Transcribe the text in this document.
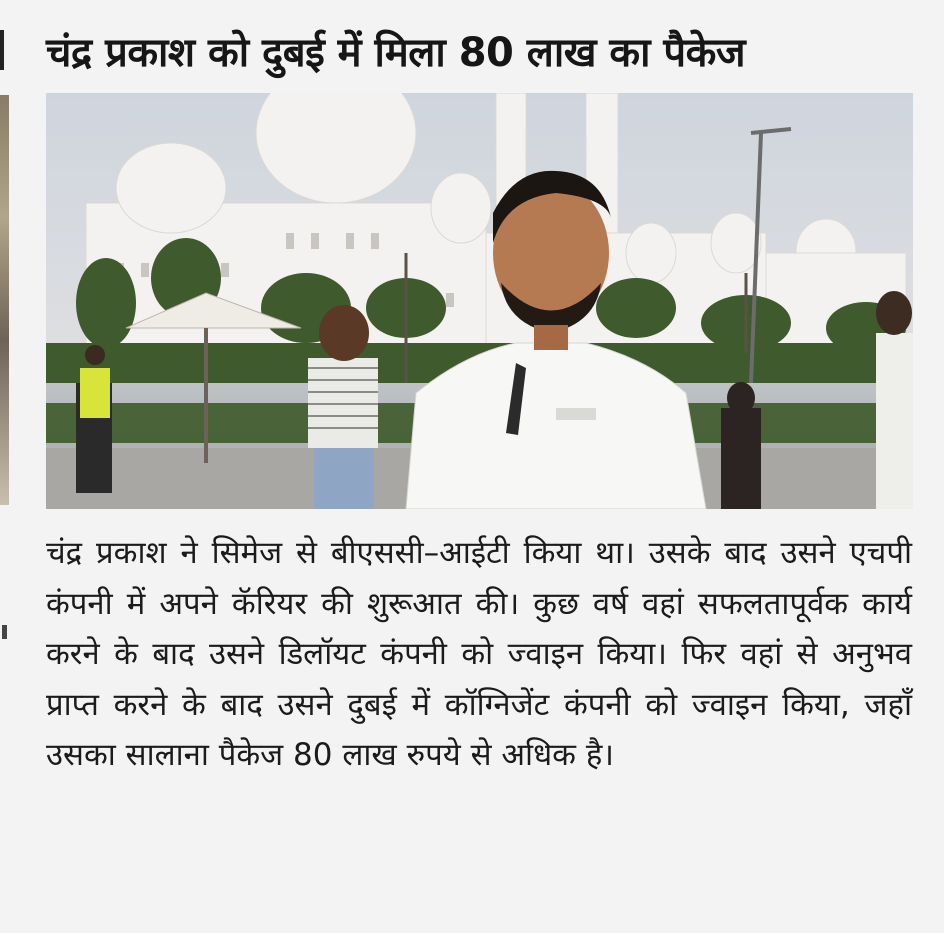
चंद्र प्रकाश को दुबई में मिला 80 लाख का पैकेज

चंद्र प्रकाश ने सिमेज से बीएससी–आईटी किया था। उसके बाद उसने एचपी कंपनी में अपने कॅरियर की शुरूआत की। कुछ वर्ष वहां सफलतापूर्वक कार्य करने के बाद उसने डिलॉयट कंपनी को ज्वाइन किया। फिर वहां से अनुभव प्राप्त करने के बाद उसने दुबई में कॉग्निजेंट कंपनी को ज्वाइन किया, जहाँ उसका सालाना पैकेज 80 लाख रुपये से अधिक है।
